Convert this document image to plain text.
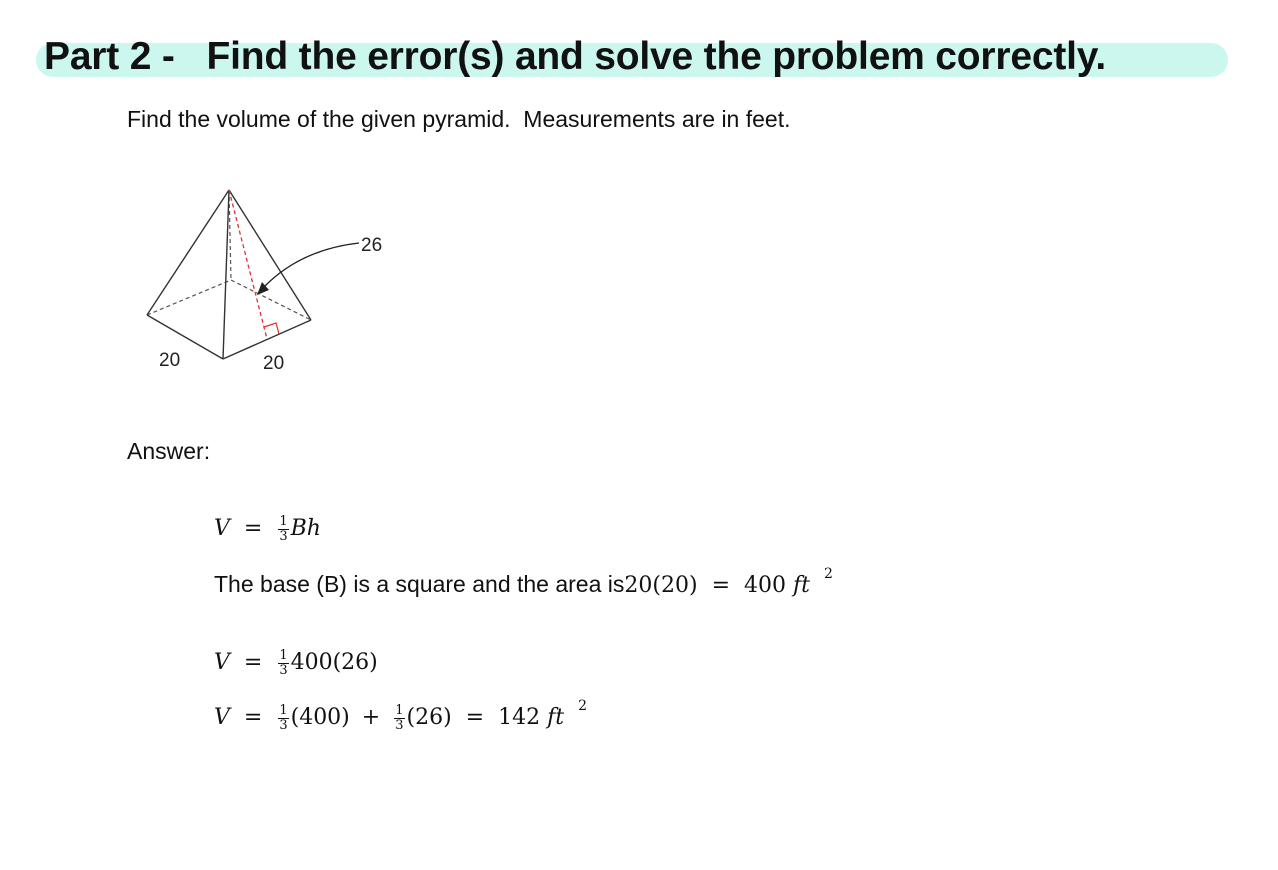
Part 2 -   Find the error(s) and solve the problem correctly.
Find the volume of the given pyramid.  Measurements are in feet.
26
20	20
Answer:
$V = \frac{1}{3}$ Bh
The base (B) is a square and the area is20(20) = 400 ft $^2$
$V = \frac{1}{3} 400(26)$
$V = \frac{1}{3} (400) + \frac{1}{3} (26) = 142$ ft $^2$
